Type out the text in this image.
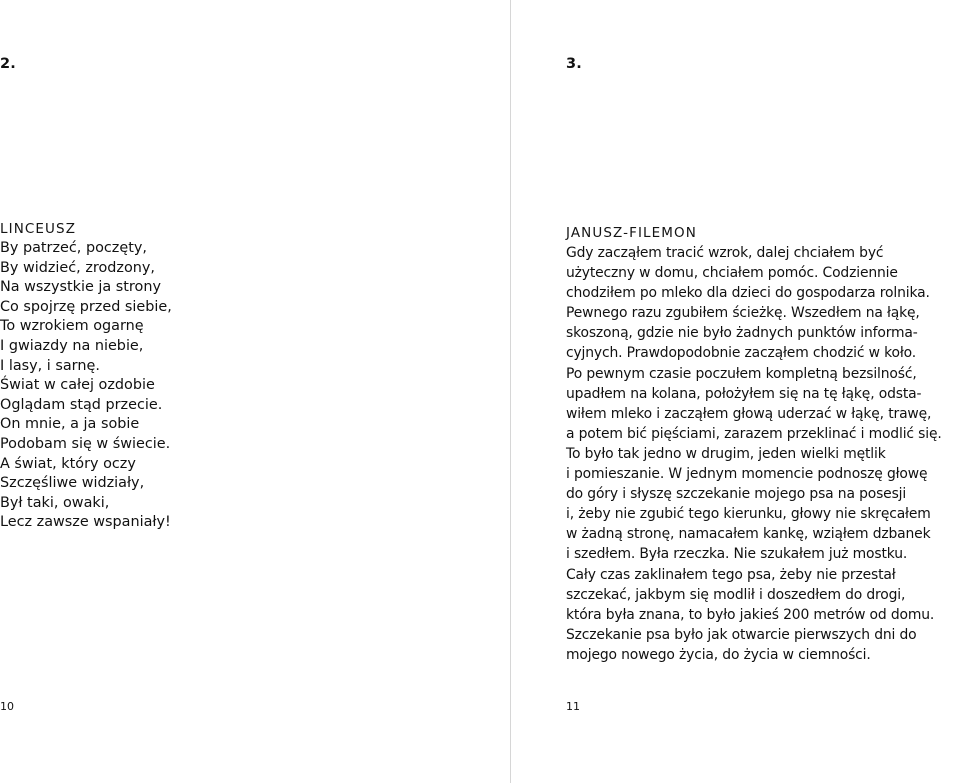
2.

LINCEUSZ

By patrzeć, poczęty,
By widzieć, zrodzony,
Na wszystkie ja strony
Co spojrzę przed siebie,
To wzrokiem ogarnę
I gwiazdy na niebie,
I lasy, i sarnę.
Świat w całej ozdobie
Oglądam stąd przecie.
On mnie, a ja sobie
Podobam się w świecie.
A świat, który oczy
Szczęśliwe widziały,
Był taki, owaki,
Lecz zawsze wspaniały!
10
3.

JANUSZ-FILEMON

Gdy zacząłem tracić wzrok, dalej chciałem być
użyteczny w domu, chciałem pomóc. Codziennie
chodziłem po mleko dla dzieci do gospodarza rolnika.
Pewnego razu zgubiłem ścieżkę. Wszedłem na łąkę,
skoszoną, gdzie nie było żadnych punktów informa-
cyjnych. Prawdopodobnie zacząłem chodzić w koło.
Po pewnym czasie poczułem kompletną bezsilność,
upadłem na kolana, położyłem się na tę łąkę, odsta-
wiłem mleko i zacząłem głową uderzać w łąkę, trawę,
a potem bić pięściami, zarazem przeklinać i modlić się.
To było tak jedno w drugim, jeden wielki mętlik
i pomieszanie. W jednym momencie podnoszę głowę
do góry i słyszę szczekanie mojego psa na posesji
i, żeby nie zgubić tego kierunku, głowy nie skręcałem
w żadną stronę, namacałem kankę, wziąłem dzbanek
i szedłem. Była rzeczka. Nie szukałem już mostku.
Cały czas zaklinałem tego psa, żeby nie przestał
szczekać, jakbym się modlił i doszedłem do drogi,
która była znana, to było jakieś 200 metrów od domu.
Szczekanie psa było jak otwarcie pierwszych dni do
mojego nowego życia, do życia w ciemności.
11
